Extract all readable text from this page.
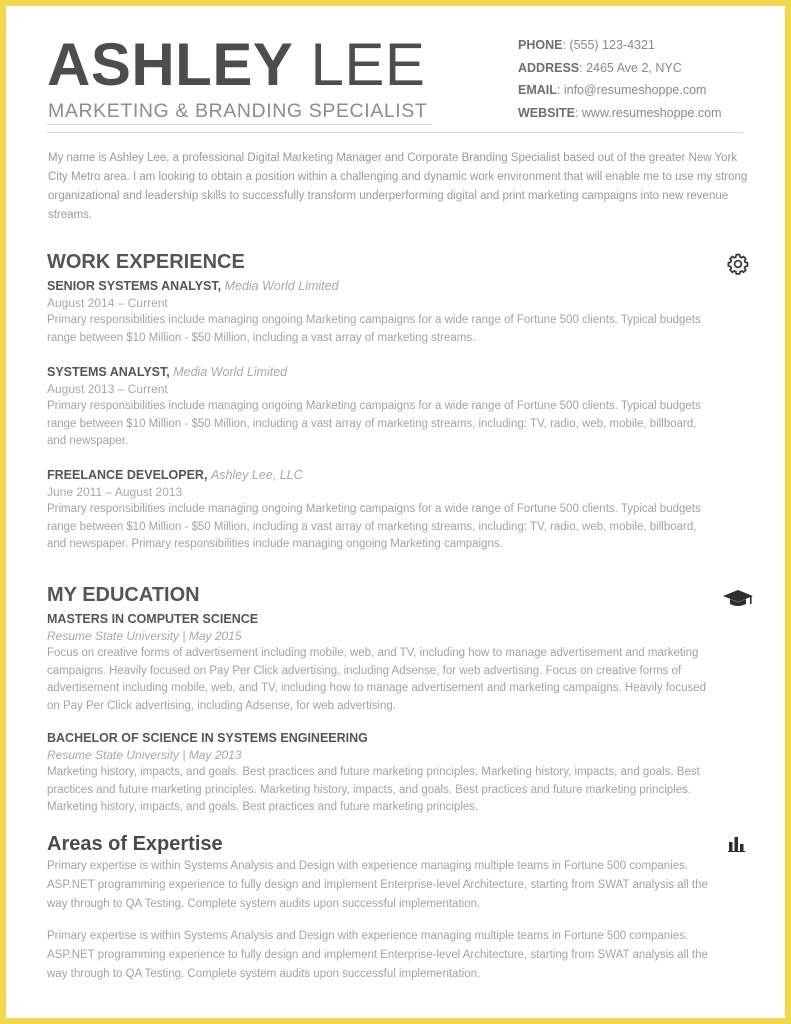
ASHLEY LEE
MARKETING & BRANDING SPECIALIST
PHONE: (555) 123-4321
ADDRESS: 2465 Ave 2, NYC
EMAIL: info@resumeshoppe.com
WEBSITE: www.resumeshoppe.com
My name is Ashley Lee, a professional Digital Marketing Manager and Corporate Branding Specialist based out of the greater New York City Metro area. I am looking to obtain a position within a challenging and dynamic work environment that will enable me to use my strong organizational and leadership skills to successfully transform underperforming digital and print marketing campaigns into new revenue streams.
WORK EXPERIENCE
SENIOR SYSTEMS ANALYST, Media World Limited
August 2014 – Current
Primary responsibilities include managing ongoing Marketing campaigns for a wide range of Fortune 500 clients. Typical budgets range between $10 Million - $50 Million, including a vast array of marketing streams.
SYSTEMS ANALYST, Media World Limited
August 2013 – Current
Primary responsibilities include managing ongoing Marketing campaigns for a wide range of Fortune 500 clients. Typical budgets range between $10 Million - $50 Million, including a vast array of marketing streams, including: TV, radio, web, mobile, billboard, and newspaper.
FREELANCE DEVELOPER, Ashley Lee, LLC
June 2011 – August 2013
Primary responsibilities include managing ongoing Marketing campaigns for a wide range of Fortune 500 clients. Typical budgets range between $10 Million - $50 Million, including a vast array of marketing streams, including: TV, radio, web, mobile, billboard, and newspaper. Primary responsibilities include managing ongoing Marketing campaigns.
MY EDUCATION
MASTERS IN COMPUTER SCIENCE
Resume State University | May 2015
Focus on creative forms of advertisement including mobile, web, and TV, including how to manage advertisement and marketing campaigns. Heavily focused on Pay Per Click advertising, including Adsense, for web advertising. Focus on creative forms of advertisement including mobile, web, and TV, including how to manage advertisement and marketing campaigns. Heavily focused on Pay Per Click advertising, including Adsense, for web advertising.
BACHELOR OF SCIENCE IN SYSTEMS ENGINEERING
Resume State University | May 2013
Marketing history, impacts, and goals. Best practices and future marketing principles. Marketing history, impacts, and goals. Best practices and future marketing principles. Marketing history, impacts, and goals. Best practices and future marketing principles. Marketing history, impacts, and goals. Best practices and future marketing principles.
Areas of Expertise
Primary expertise is within Systems Analysis and Design with experience managing multiple teams in Fortune 500 companies. ASP.NET programming experience to fully design and implement Enterprise-level Architecture, starting from SWAT analysis all the way through to QA Testing. Complete system audits upon successful implementation.
Primary expertise is within Systems Analysis and Design with experience managing multiple teams in Fortune 500 companies. ASP.NET programming experience to fully design and implement Enterprise-level Architecture, starting from SWAT analysis all the way through to QA Testing. Complete system audits upon successful implementation.
